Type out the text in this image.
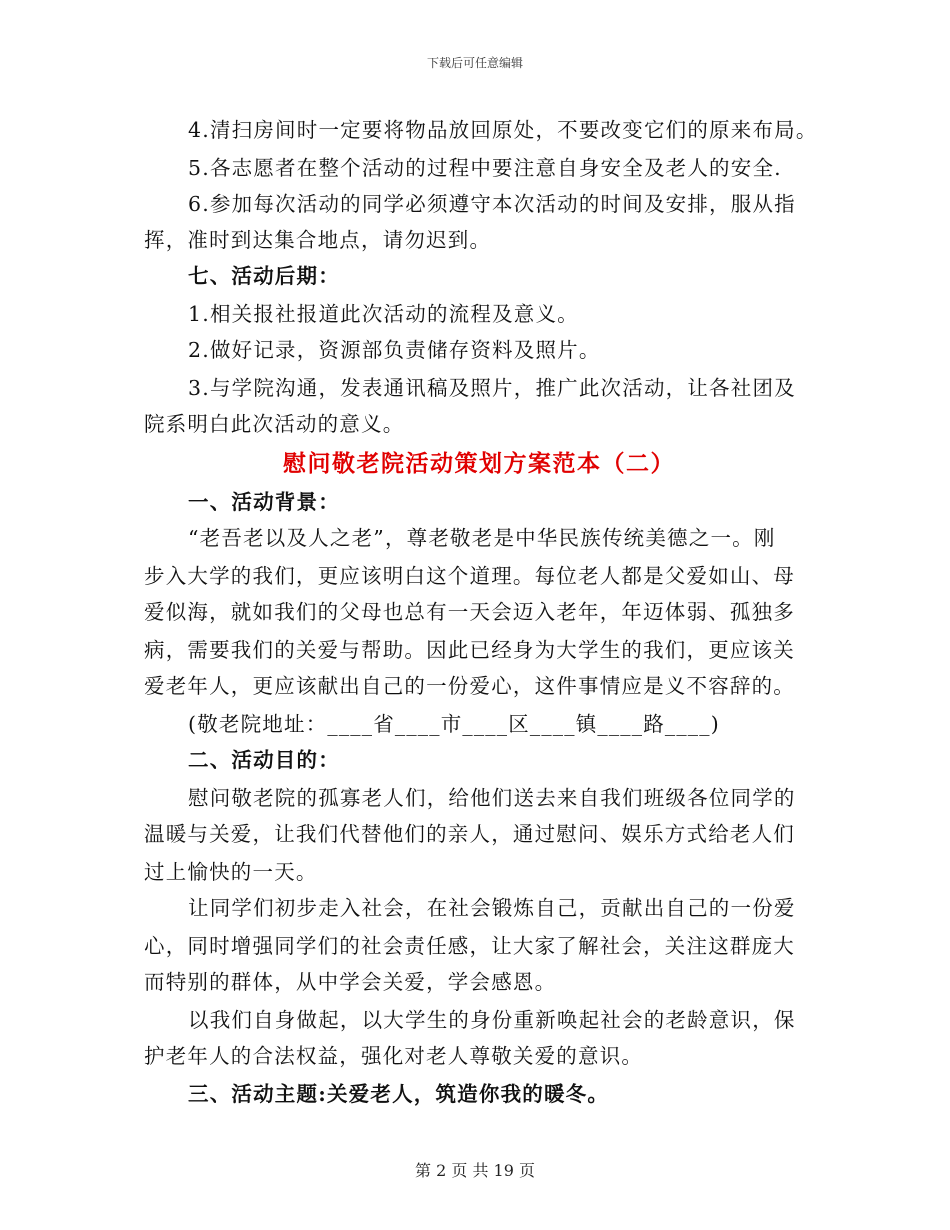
下载后可任意编辑
4.清扫房间时一定要将物品放回原处，不要改变它们的原来布局。
5.各志愿者在整个活动的过程中要注意自身安全及老人的安全.
6.参加每次活动的同学必须遵守本次活动的时间及安排，服从指
挥，准时到达集合地点，请勿迟到。
七、活动后期：
1.相关报社报道此次活动的流程及意义。
2.做好记录，资源部负责储存资料及照片。
3.与学院沟通，发表通讯稿及照片，推广此次活动，让各社团及
院系明白此次活动的意义。
慰问敬老院活动策划方案范本（二）
一、活动背景：
“老吾老以及人之老”，尊老敬老是中华民族传统美德之一。刚
步入大学的我们，更应该明白这个道理。每位老人都是父爱如山、母
爱似海，就如我们的父母也总有一天会迈入老年，年迈体弱、孤独多
病，需要我们的关爱与帮助。因此已经身为大学生的我们，更应该关
爱老年人，更应该献出自己的一份爱心，这件事情应是义不容辞的。
(敬老院地址：____省____市____区____镇____路____)
二、活动目的：
慰问敬老院的孤寡老人们，给他们送去来自我们班级各位同学的
温暖与关爱，让我们代替他们的亲人，通过慰问、娱乐方式给老人们
过上愉快的一天。
让同学们初步走入社会，在社会锻炼自己，贡献出自己的一份爱
心，同时增强同学们的社会责任感，让大家了解社会，关注这群庞大
而特别的群体，从中学会关爱，学会感恩。
以我们自身做起，以大学生的身份重新唤起社会的老龄意识，保
护老年人的合法权益，强化对老人尊敬关爱的意识。
三、活动主题:关爱老人，筑造你我的暖冬。
第 2 页 共 19 页
